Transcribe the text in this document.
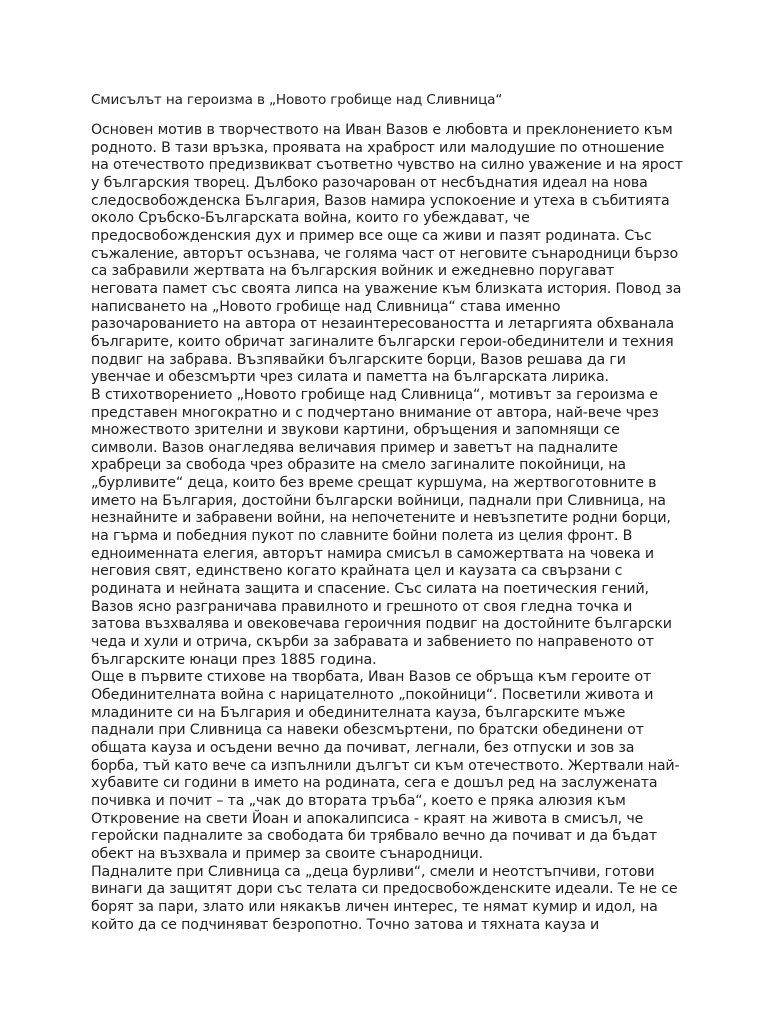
Смисълът на героизма в „Новото гробище над Сливница“

Основен мотив в творчеството на Иван Вазов е любовта и преклонението към
родното. В тази връзка, проявата на храброст или малодушие по отношение
на отечеството предизвикват съответно чувство на силно уважение и на ярост
у българския творец. Дълбоко разочарован от несбъднатия идеал на нова
следосвобожденска България, Вазов намира успокоение и утеха в събитията
около Сръбско-Българската война, които го убеждават, че
предосвобожденския дух и пример все още са живи и пазят родината. Със
съжаление, авторът осъзнава, че голяма част от неговите сънародници бързо
са забравили жертвата на българския войник и ежедневно поругават
неговата памет със своята липса на уважение към близката история. Повод за
написването на „Новото гробище над Сливница“ става именно
разочарованието на автора от незаинтересоваността и летаргията обхванала
българите, които обричат загиналите български герои-обединители и техния
подвиг на забрава. Възпявайки българските борци, Вазов решава да ги
увенчае и обезсмърти чрез силата и паметта на българската лирика.

В стихотворението „Новото гробище над Сливница“, мотивът за героизма е
представен многократно и с подчертано внимание от автора, най-вече чрез
множеството зрителни и звукови картини, обръщения и запомнящи се
символи. Вазов онагледява величавия пример и заветът на падналите
храбреци за свобода чрез образите на смело загиналите покойници, на
„бурливите“ деца, които без време срещат куршума, на жертвоготовните в
името на България, достойни български войници, паднали при Сливница, на
незнайните и забравени войни, на непочетените и невъзпетите родни борци,
на гърма и победния пукот по славните бойни полета из целия фронт. В
едноименната елегия, авторът намира смисъл в саможертвата на човека и
неговия свят, единствено когато крайната цел и каузата са свързани с
родината и нейната защита и спасение. Със силата на поетическия гений,
Вазов ясно разграничава правилното и грешното от своя гледна точка и
затова възхвалява и овековечава героичния подвиг на достойните български
чеда и хули и отрича, скърби за забравата и забвението по направеното от
българските юнаци през 1885 година.

Още в първите стихове на творбата, Иван Вазов се обръща към героите от
Обединителната война с нарицателното „покойници“. Посветили живота и
младините си на България и обединителната кауза, българските мъже
паднали при Сливница са навеки обезсмъртени, по братски обединени от
общата кауза и осъдени вечно да почиват, легнали, без отпуски и зов за
борба, тъй като вече са изпълнили дългът си към отечеството. Жертвали най-
хубавите си години в името на родината, сега е дошъл ред на заслужената
почивка и почит – та „чак до втората тръба“, което е пряка алюзия към
Откровение на свети Йоан и апокалипсиса - краят на живота в смисъл, че
геройски падналите за свободата би трябвало вечно да почиват и да бъдат
обект на възхвала и пример за своите сънародници.

Падналите при Сливница са „деца бурливи“, смели и неотстъпчиви, готови
винаги да защитят дори със телата си предосвобожденските идеали. Те не се
борят за пари, злато или някакъв личен интерес, те нямат кумир и идол, на
който да се подчиняват безропотно. Точно затова и тяхната кауза и
